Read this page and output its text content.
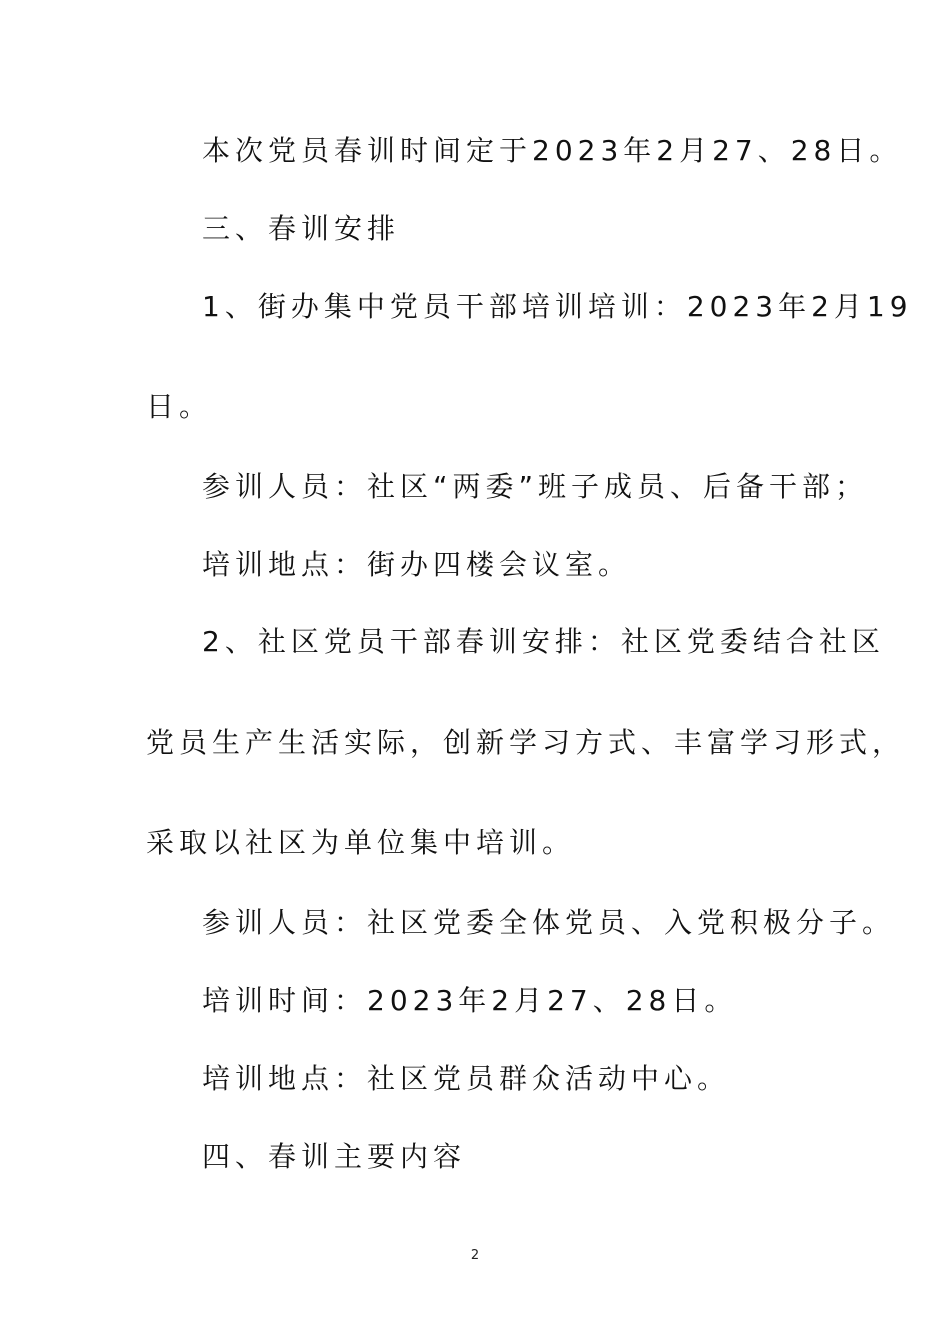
本次党员春训时间定于2023年2月27、28日。
三、春训安排
1、街办集中党员干部培训培训：2023年2月19
日。
参训人员：社区“两委”班子成员、后备干部；
培训地点：街办四楼会议室。
2、社区党员干部春训安排：社区党委结合社区
党员生产生活实际，创新学习方式、丰富学习形式，
采取以社区为单位集中培训。
参训人员：社区党委全体党员、入党积极分子。
培训时间：2023年2月27、28日。
培训地点：社区党员群众活动中心。
四、春训主要内容
2
